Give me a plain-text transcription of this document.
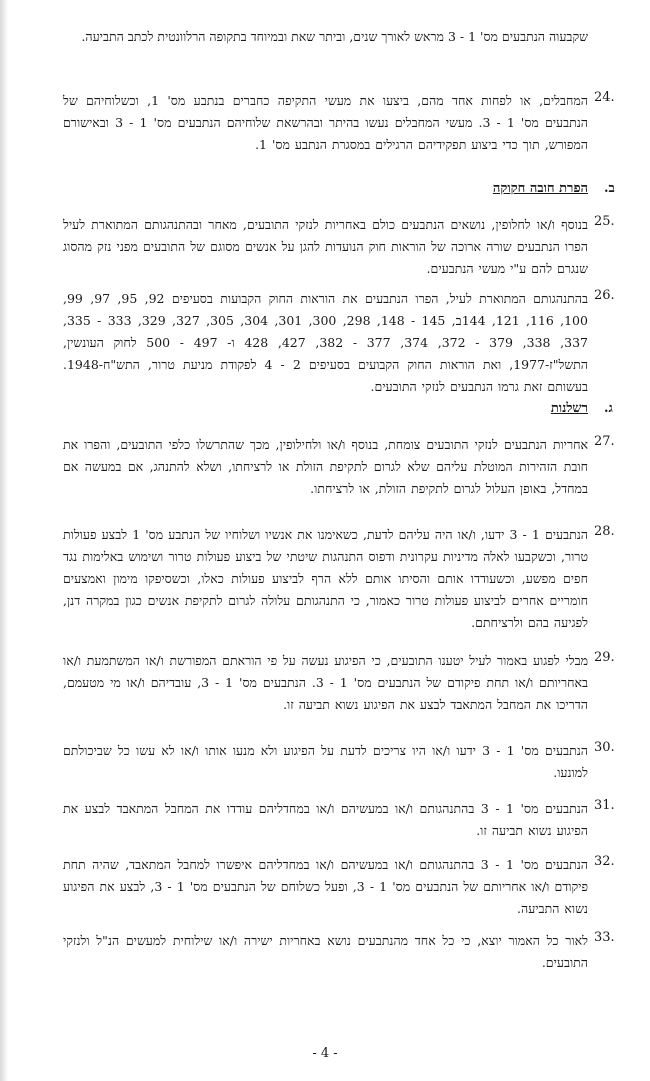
שקבעוה הנתבעים מס' 1 - 3 מראש לאורך שנים, וביתר שאת ובמיוחד בתקופה הרלוונטית לכתב התביעה.
24.
המחבלים, או לפחות אחד מהם, ביצעו את מעשי התקיפה כחברים בנתבע מס' 1, וכשלוחיהם של הנתבעים מס' 1 - 3. מעשי המחבלים נעשו בהיתר ובהרשאת שלוחיהם הנתבעים מס' 1 - 3 ובאישורם המפורש, תוך כדי ביצוע תפקידיהם הרגילים במסגרת הנתבע מס' 1.
ב.
הפרת חובה חקוקה
25.
בנוסף ו/או לחלופין, נושאים הנתבעים כולם באחריות לנזקי התובעים, מאחר ובהתנהגותם המתוארת לעיל הפרו הנתבעים שורה ארוכה של הוראות חוק הנועדות להגן על אנשים מסוגם של התובעים מפני נזק מהסוג שנגרם להם ע"י מעשי הנתבעים.
26.
בהתנהגותם המתוארת לעיל, הפרו הנתבעים את הוראות החוק הקבועות בסעיפים 92, 95, 97, 99, 100, 116, 121, 144ב, 145 - 148, 298, 300, 301, 304, 305, 327, 329, 333 - 335, 337, 338, 379 - 372, 374, 377 - 382, 427, 428 ו- 497 - 500 לחוק העונשין, התשל"ז-1977, ואת הוראות החוק הקבועים בסעיפים 2 - 4 לפקודת מניעת טרור, התש"ח-1948. בעשותם זאת גרמו הנתבעים לנזקי התובעים.
ג.
רשלנות
27.
אחריות הנתבעים לנזקי התובעים צומחת, בנוסף ו/או ולחילופין, מכך שהתרשלו כלפי התובעים, והפרו את חובת הזהירות המוטלת עליהם שלא לגרום לתקיפת הזולת או לרציחתו, ושלא להתנהג, אם במעשה אם במחדל, באופן העלול לגרום לתקיפת הזולת, או לרציחתו.
28.
הנתבעים 1 - 3 ידעו, ו/או היה עליהם לדעת, כשאימנו את אנשיו ושלוחיו של הנתבע מס' 1 לבצע פעולות טרור, וכשקבעו לאלה מדיניות עקרונית ודפוס התנהגות שיטתי של ביצוע פעולות טרור ושימוש באלימות נגד חפים מפשע, וכשעודדו אותם והסיתו אותם ללא הרף לביצוע פעולות כאלו, וכשסיפקו מימון ואמצעים חומריים אחרים לביצוע פעולות טרור כאמור, כי התנהגותם עלולה לגרום לתקיפת אנשים כגון במקרה דנן, לפגיעה בהם ולרציחתם.
29.
מבלי לפגוע באמור לעיל יטענו התובעים, כי הפיגוע נעשה על פי הוראתם המפורשת ו/או המשתמעת ו/או באחריותם ו/או תחת פיקודם של הנתבעים מס' 1 - 3. הנתבעים מס' 1 - 3, עובדיהם ו/או מי מטעמם, הדריכו את המחבל המתאבד לבצע את הפיגוע נשוא תביעה זו.
30.
הנתבעים מס' 1 - 3 ידעו ו/או היו צריכים לדעת על הפיגוע ולא מנעו אותו ו/או לא עשו כל שביכולתם למונעו.
31.
הנתבעים מס' 1 - 3 בהתנהגותם ו/או במעשיהם ו/או במחדליהם עודדו את המחבל המתאבד לבצע את הפיגוע נשוא תביעה זו.
32.
הנתבעים מס' 1 - 3 בהתנהגותם ו/או במעשיהם ו/או במחדליהם איפשרו למחבל המתאבד, שהיה תחת פיקודם ו/או אחריותם של הנתבעים מס' 1 - 3, ופעל כשלוחם של הנתבעים מס' 1 - 3, לבצע את הפיגוע נשוא התביעה.
33.
לאור כל האמור יוצא, כי כל אחד מהנתבעים נושא באחריות ישירה ו/או שילוחית למעשים הנ"ל ולנזקי התובעים.
- 4 -
